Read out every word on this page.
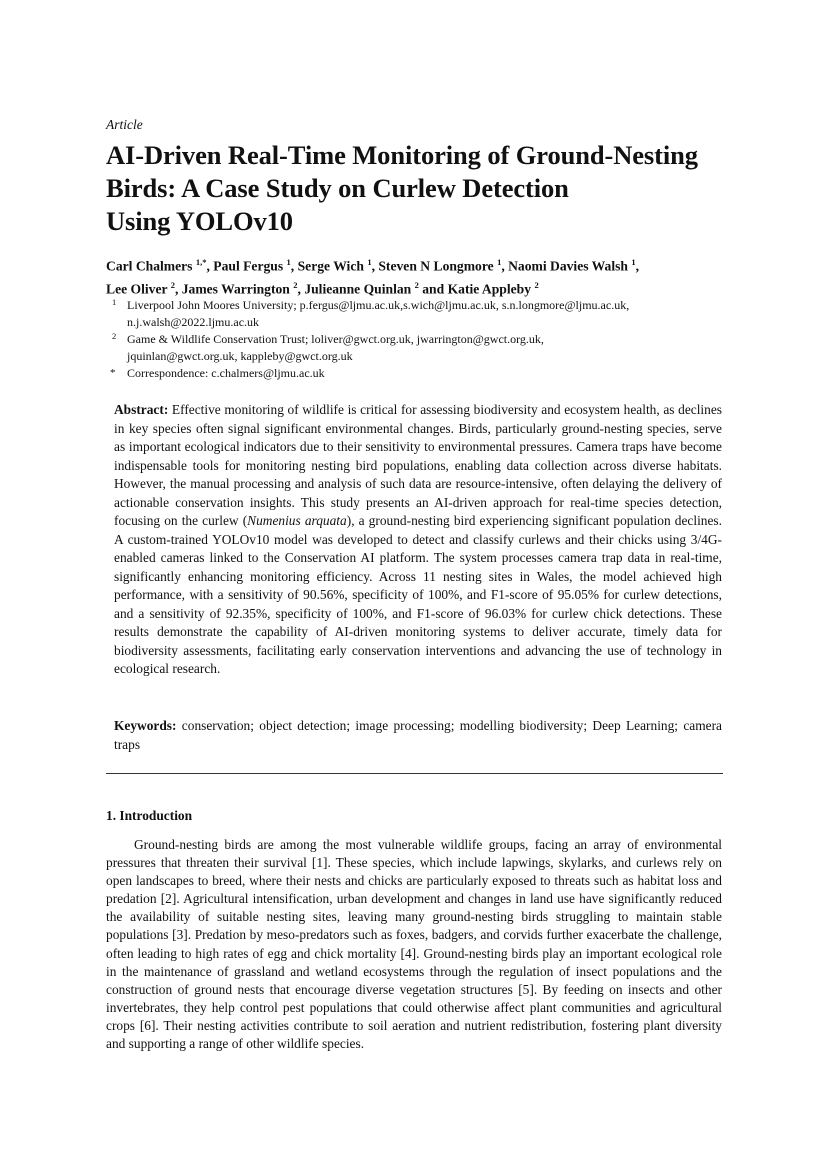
Article
AI-Driven Real-Time Monitoring of Ground-Nesting
Birds: A Case Study on Curlew Detection
Using YOLOv10
Carl Chalmers $^{1,*}$, Paul Fergus $^1$, Serge Wich $^1$, Steven N Longmore $^1$, Naomi Davies Walsh $^1$,
Lee Oliver $^2$, James Warrington $^2$, Julieanne Quinlan $^2$ and Katie Appleby $^2$
1 Liverpool John Moores University; p.fergus@ljmu.ac.uk,s.wich@ljmu.ac.uk, s.n.longmore@ljmu.ac.uk,
n.j.walsh@2022.ljmu.ac.uk
2 Game & Wildlife Conservation Trust; loliver@gwct.org.uk, jwarrington@gwct.org.uk,
jquinlan@gwct.org.uk, kappleby@gwct.org.uk
* Correspondence: c.chalmers@ljmu.ac.uk

Abstract: Effective monitoring of wildlife is critical for assessing biodiversity and ecosystem health, as declines in key species often signal significant environmental changes. Birds, particularly ground-nesting species, serve as important ecological indicators due to their sensitivity to environmental pressures. Camera traps have become indispensable tools for monitoring nesting bird populations, enabling data collection across diverse habitats. However, the manual processing and analysis of such data are resource-intensive, often delaying the delivery of actionable conservation insights. This study presents an AI-driven approach for real-time species detection, focusing on the curlew (Numenius arquata), a ground-nesting bird experiencing significant population declines. A custom-trained YOLOv10 model was developed to detect and classify curlews and their chicks using 3/4G-enabled cameras linked to the Conservation AI platform. The system processes camera trap data in real-time, significantly enhancing monitoring efficiency. Across 11 nesting sites in Wales, the model achieved high performance, with a sensitivity of 90.56%, specificity of 100%, and F1-score of 95.05% for curlew detections, and a sensitivity of 92.35%, specificity of 100%, and F1-score of 96.03% for curlew chick detections. These results demonstrate the capability of AI-driven monitoring systems to deliver accurate, timely data for biodiversity assessments, facilitating early conservation interventions and advancing the use of technology in ecological research.

Keywords: conservation; object detection; image processing; modelling biodiversity; Deep Learning; camera traps

1. Introduction

Ground-nesting birds are among the most vulnerable wildlife groups, facing an array of environmental pressures that threaten their survival [1]. These species, which include lapwings, skylarks, and curlews rely on open landscapes to breed, where their nests and chicks are particularly exposed to threats such as habitat loss and predation [2]. Agricultural intensification, urban development and changes in land use have significantly reduced the availability of suitable nesting sites, leaving many ground-nesting birds struggling to maintain stable populations [3]. Predation by meso-predators such as foxes, badgers, and corvids further exacerbate the challenge, often leading to high rates of egg and chick mortality [4]. Ground-nesting birds play an important ecological role in the maintenance of grassland and wetland ecosystems through the regulation of insect populations and the construction of ground nests that encourage diverse vegetation structures [5]. By feeding on insects and other invertebrates, they help control pest populations that could otherwise affect plant communities and agricultural crops [6]. Their nesting activities contribute to soil aeration and nutrient redistribution, fostering plant diversity and supporting a range of other wildlife species.
